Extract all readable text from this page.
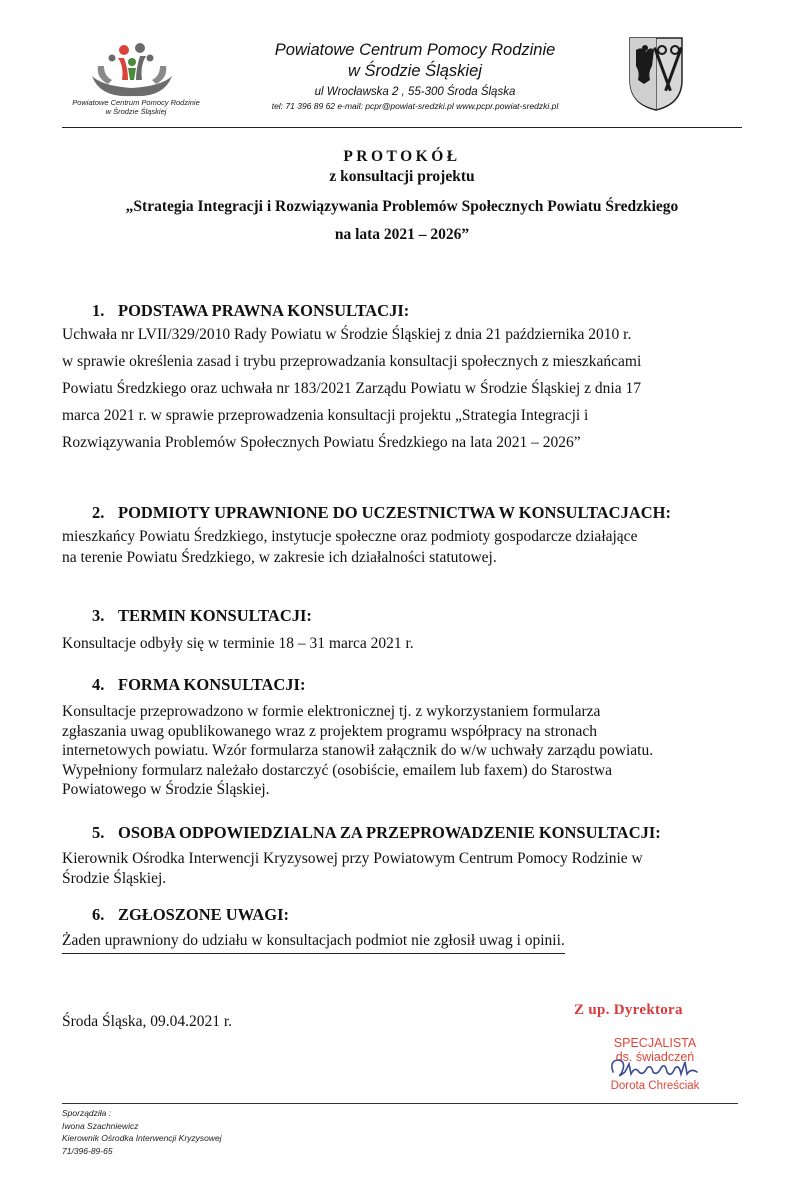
Powiatowe Centrum Pomocy Rodzinie
w Środzie Śląskiej
Powiatowe Centrum Pomocy Rodzinie
w Środzie Śląskiej
ul Wrocławska 2 , 55-300 Środa Śląska
tel: 71 396 89 62 e-mail: pcpr@powiat-sredzki.pl www.pcpr.powiat-sredzki.pl
PROTOKÓŁ
z konsultacji projektu
„Strategia Integracji i Rozwiązywania Problemów Społecznych Powiatu Średzkiego
na lata 2021 – 2026”
1. PODSTAWA PRAWNA KONSULTACJI:

Uchwała nr LVII/329/2010 Rady Powiatu w Środzie Śląskiej z dnia 21 października 2010 r.

w sprawie określenia zasad i trybu przeprowadzania konsultacji społecznych z mieszkańcami

Powiatu Średzkiego oraz uchwała nr 183/2021 Zarządu Powiatu w Środzie Śląskiej z dnia 17

marca 2021 r. w sprawie przeprowadzenia konsultacji projektu „Strategia Integracji i

Rozwiązywania Problemów Społecznych Powiatu Średzkiego na lata 2021 – 2026”

2. PODMIOTY UPRAWNIONE DO UCZESTNICTWA W KONSULTACJACH:

mieszkańcy Powiatu Średzkiego, instytucje społeczne oraz podmioty gospodarcze działające

na terenie Powiatu Średzkiego, w zakresie ich działalności statutowej.

3. TERMIN KONSULTACJI:

Konsultacje odbyły się w terminie 18 – 31 marca 2021 r.

4. FORMA KONSULTACJI:

Konsultacje przeprowadzono w formie elektronicznej tj. z wykorzystaniem formularza

zgłaszania uwag opublikowanego wraz z projektem programu współpracy na stronach

internetowych powiatu. Wzór formularza stanowił załącznik do w/w uchwały zarządu powiatu.

Wypełniony formularz należało dostarczyć (osobiście, emailem lub faxem) do Starostwa

Powiatowego w Środzie Śląskiej.

5. OSOBA ODPOWIEDZIALNA ZA PRZEPROWADZENIE KONSULTACJI:

Kierownik Ośrodka Interwencji Kryzysowej przy Powiatowym Centrum Pomocy Rodzinie w

Środzie Śląskiej.

6. ZGŁOSZONE UWAGI:
Żaden uprawniony do udziału w konsultacjach podmiot nie zgłosił uwag i opinii.
Środa Śląska, 09.04.2021 r.
Z up. Dyrektora
SPECJALISTA
ds. świadczeń
Dorota Chreściak
Sporządziła :
Iwona Szachniewicz
Kierownik Ośrodka Interwencji Kryzysowej
71/396-89-65
